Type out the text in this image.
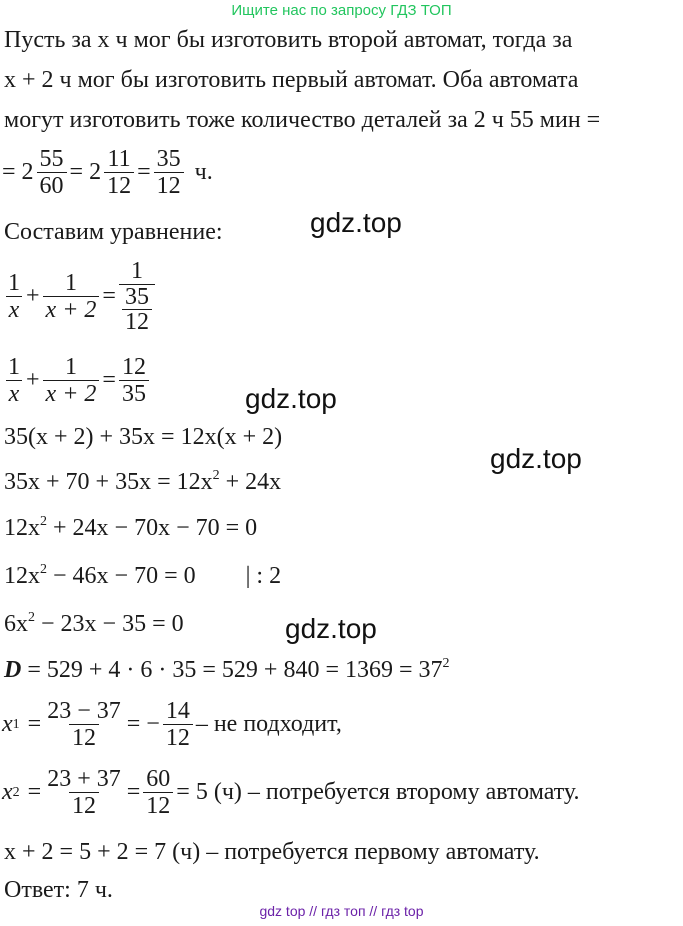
Ищите нас по запросу ГДЗ ТОП
gdz.top
gdz.top
gdz.top
gdz.top
Пусть за x ч мог бы изготовить второй автомат, тогда за
x + 2 ч мог бы изготовить первый автомат. Оба автомата
могут изготовить тоже количество деталей за 2 ч 55 мин =
= $2 \frac{55}{60} = 2 \frac{11}{12} = \frac{35}{12} ч$.
Составим уравнение:
$\frac{1}{x} + \frac{1}{x + 2} = \frac{1}{\frac{35}{12}}$
$\frac{1}{x} + \frac{1}{x + 2} = \frac{12}{35}$
35(x + 2) + 35x = 12x(x + 2)
$35x + 70 + 35x = 12x^2 + 24x$
$12x^2 + 24x - 70x - 70 = 0$
$12x^2 - 46x - 70 = 0$ | : 2
$6x^2 - 23x - 35 = 0$
$D = 529 + 4 \cdot 6 \cdot 35 = 529 + 840 = 1369 = 37^2$
x $1 = \frac{23 - 37}{12}$ = − $\frac{14}{12}$ – не подходит,
x $2 = \frac{23 + 37}{12} = \frac{60}{12} = 5$ (ч) – потребуется второму автомату.
x + 2 = 5 + 2 = 7 (ч) – потребуется первому автомату.
Ответ: 7 ч.
gdz top // гдз топ // гдз top
